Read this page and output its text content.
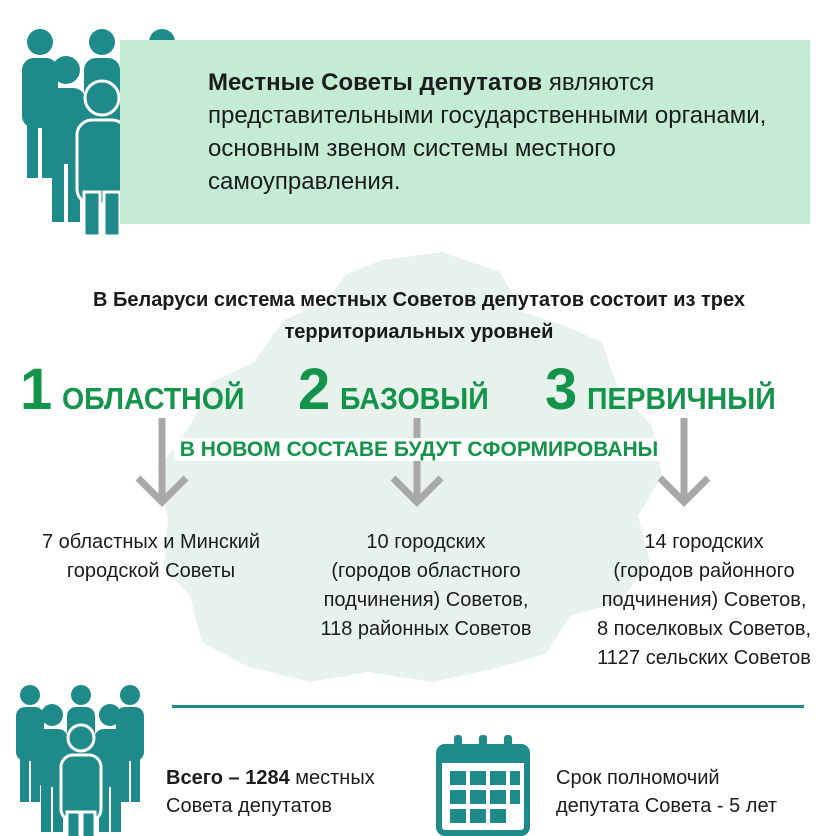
Местные Советы депутатов являются представительными государственными органами, основным звеном системы местного самоуправления.
В Беларуси система местных Советов депутатов состоит из трех
территориальных уровней
1 ОБЛАСТНОЙ 2 БАЗОВЫЙ 3 ПЕРВИЧНЫЙ
В НОВОМ СОСТАВЕ БУДУТ СФОРМИРОВАНЫ
7 областных и Минский
городской Советы
10 городских
(городов областного
подчинения) Советов,
118 районных Советов
14 городских
(городов районного
подчинения) Советов,
8 поселковых Советов,
1127 сельских Советов
Всего – 1284 местных
Совета депутатов
Срок полномочий
депутата Совета - 5 лет
